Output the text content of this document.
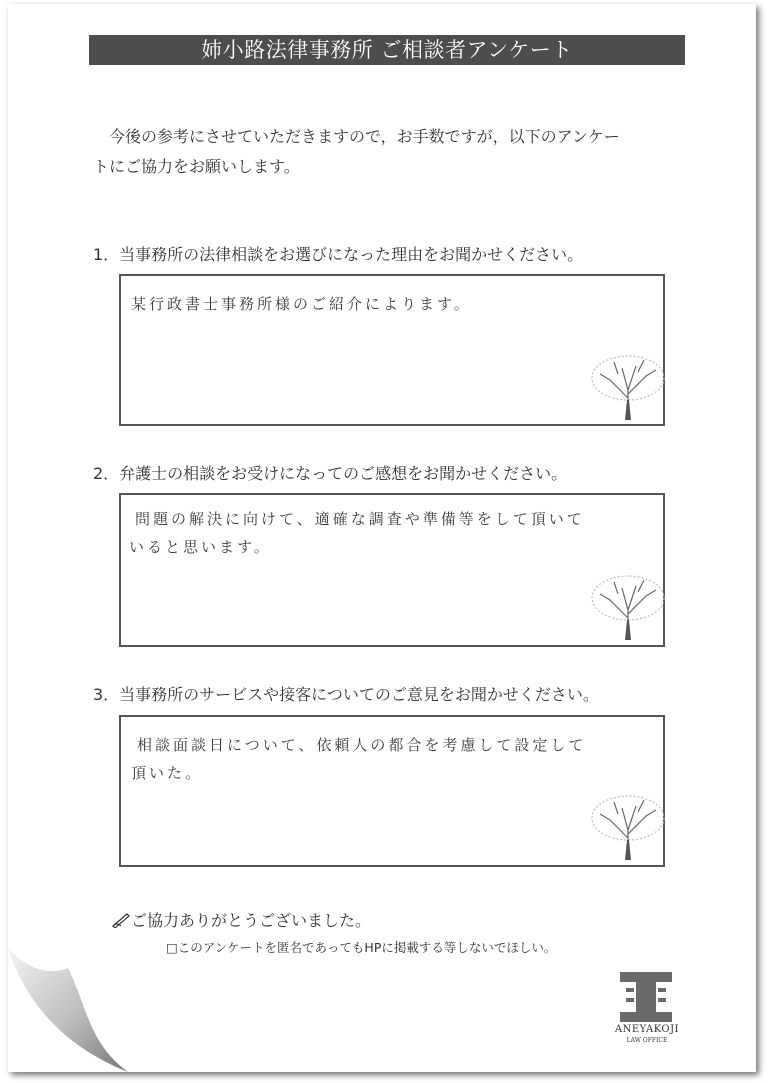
姉小路法律事務所 ご相談者アンケート

　今後の参考にさせていただきますので，お手数ですが，以下のアンケー

トにご協力をお願いします。

1．当事務所の法律相談をお選びになった理由をお聞かせください。
某行政書士事務所様のご紹介によります。
2．弁護士の相談をお受けになってのご感想をお聞かせください。
問題の解決に向けて、適確な調査や準備等をして頂いて
いると思います。
3．当事務所のサービスや接客についてのご意見をお聞かせください。
相談面談日について、依頼人の都合を考慮して設定して
頂いた。
ご協力ありがとうございました。
□このアンケートを匿名であってもHPに掲載する等しないでほしい。
ANEYAKOJI
LAW OFFICE
